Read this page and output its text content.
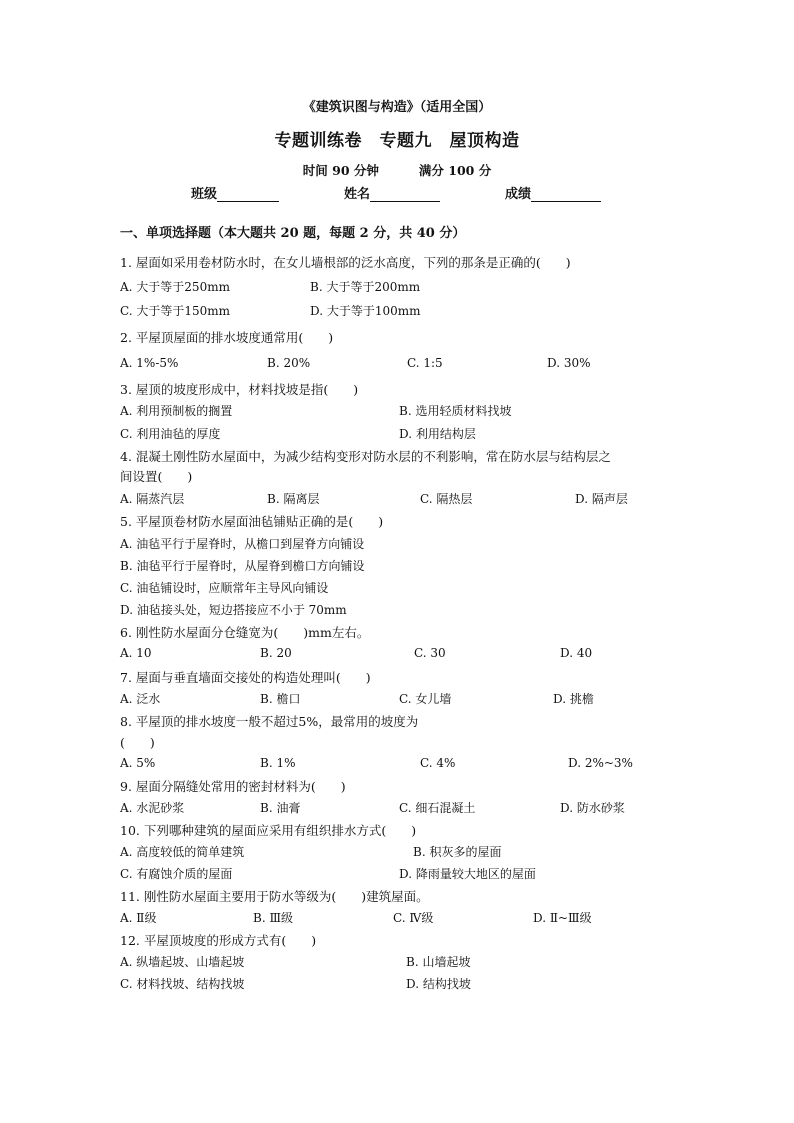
《建筑识图与构造》（适用全国）
专题训练卷　专题九　屋顶构造
时间 90 分钟	满分 100 分
班级	姓名	成绩
一、单项选择题（本大题共 20 题，每题 2 分，共 40 分）
1. 屋面如采用卷材防水时，在女儿墙根部的泛水高度，下列的那条是正确的(　　)
A. 大于等于250mm	B. 大于等于200mm
C. 大于等于150mm	D. 大于等于100mm
2. 平屋顶屋面的排水坡度通常用(　　)
A. 1%-5%	B. 20%	C. 1:5	D. 30%
3. 屋顶的坡度形成中，材料找坡是指(　　)
A. 利用预制板的搁置	B. 选用轻质材料找坡
C. 利用油毡的厚度	D. 利用结构层
4. 混凝土刚性防水屋面中，为减少结构变形对防水层的不利影响，常在防水层与结构层之
间设置(　　)
A. 隔蒸汽层	B. 隔离层	C. 隔热层	D. 隔声层
5. 平屋顶卷材防水屋面油毡铺贴正确的是(　　)
A. 油毡平行于屋脊时，从檐口到屋脊方向铺设
B. 油毡平行于屋脊时，从屋脊到檐口方向铺设
C. 油毡铺设时，应顺常年主导风向铺设
D. 油毡接头处，短边搭接应不小于 70mm
6. 刚性防水屋面分仓缝宽为(　　)mm左右。
A. 10	B. 20	C. 30	D. 40
7. 屋面与垂直墙面交接处的构造处理叫(　　)
A. 泛水	B. 檐口	C. 女儿墙	D. 挑檐
8. 平屋顶的排水坡度一般不超过5%，最常用的坡度为
(　　)
A. 5%	B. 1%	C. 4%	D. 2%~3%
9. 屋面分隔缝处常用的密封材料为(　　)
A. 水泥砂浆	B. 油膏	C. 细石混凝土	D. 防水砂浆
10. 下列哪种建筑的屋面应采用有组织排水方式(　　)
A. 高度较低的简单建筑	B. 积灰多的屋面
C. 有腐蚀介质的屋面	D. 降雨量较大地区的屋面
11. 刚性防水屋面主要用于防水等级为(　　)建筑屋面。
A. Ⅱ级	B. Ⅲ级	C. Ⅳ级	D. Ⅱ~Ⅲ级
12. 平屋顶坡度的形成方式有(　　)
A. 纵墙起坡、山墙起坡	B. 山墙起坡
C. 材料找坡、结构找坡	D. 结构找坡
